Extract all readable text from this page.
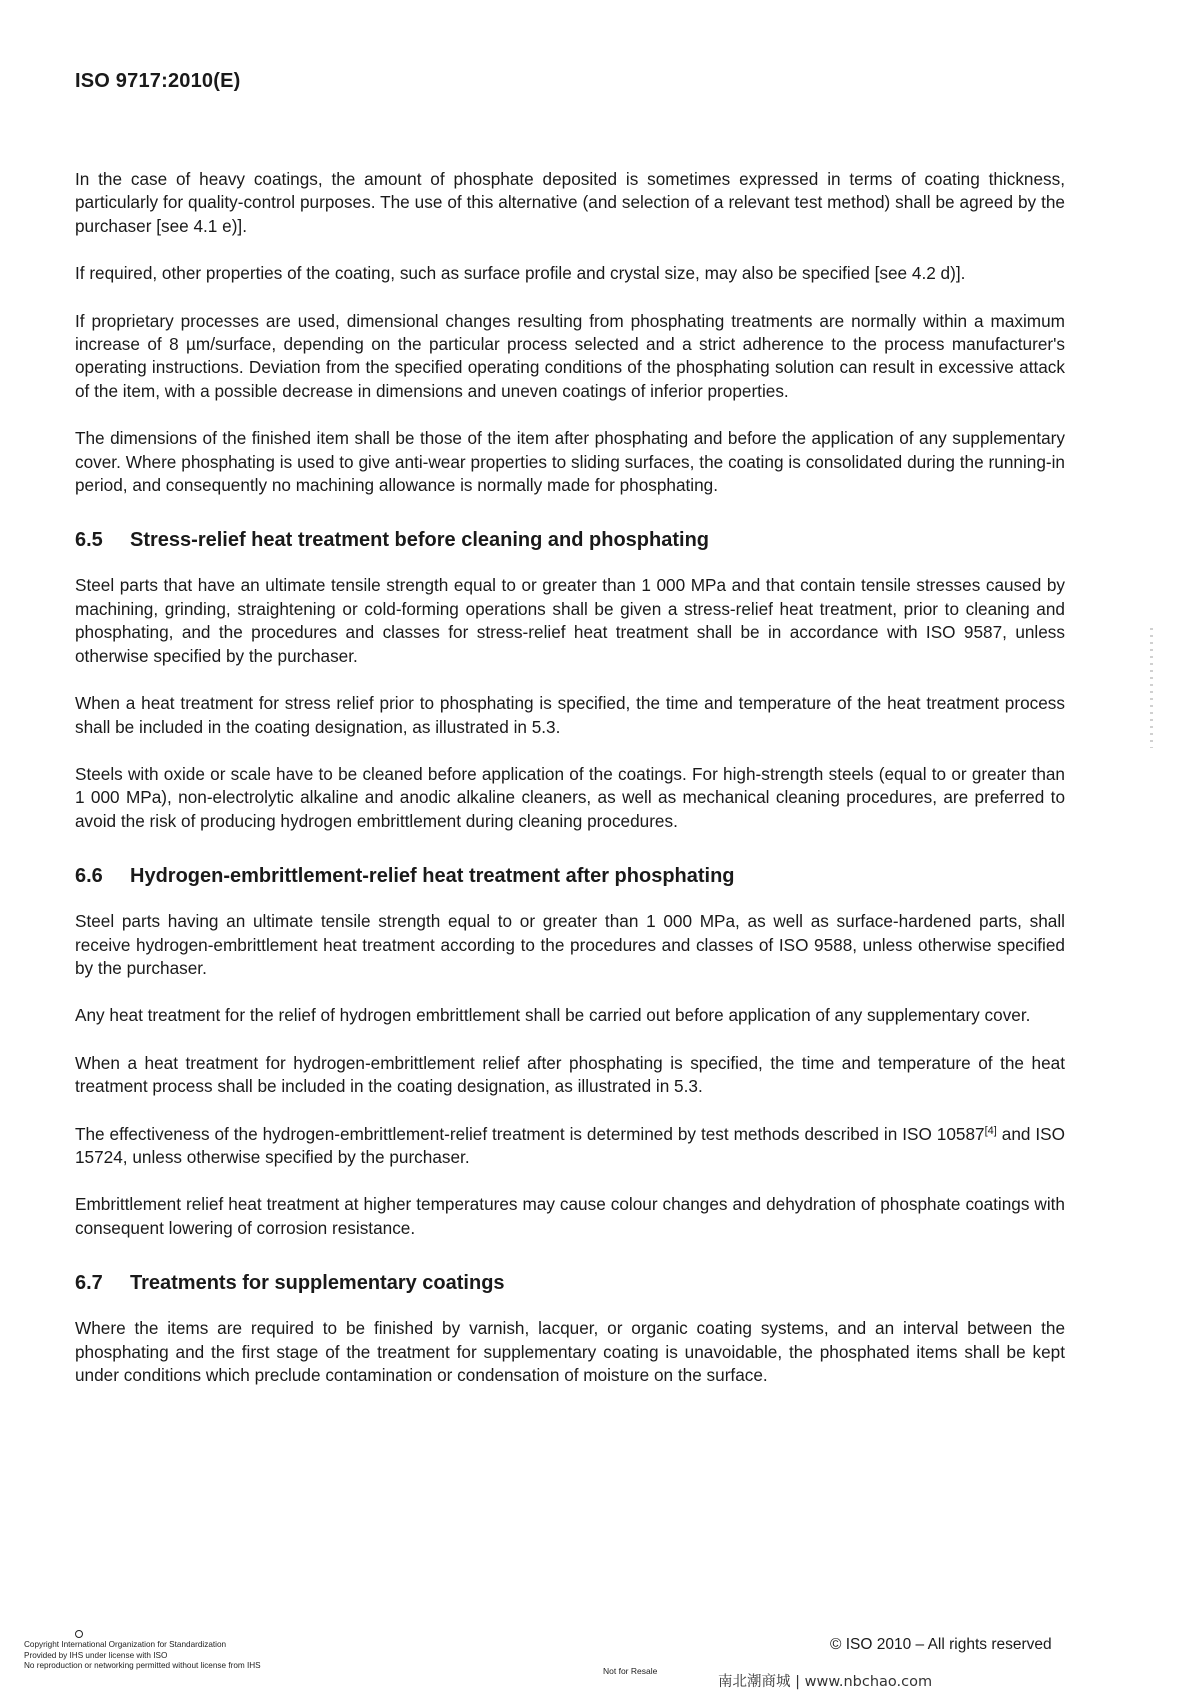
ISO 9717:2010(E)

In the case of heavy coatings, the amount of phosphate deposited is sometimes expressed in terms of coating thickness, particularly for quality-control purposes. The use of this alternative (and selection of a relevant test method) shall be agreed by the purchaser [see 4.1 e)].

If required, other properties of the coating, such as surface profile and crystal size, may also be specified [see 4.2 d)].

If proprietary processes are used, dimensional changes resulting from phosphating treatments are normally within a maximum increase of 8 µm/surface, depending on the particular process selected and a strict adherence to the process manufacturer's operating instructions. Deviation from the specified operating conditions of the phosphating solution can result in excessive attack of the item, with a possible decrease in dimensions and uneven coatings of inferior properties.

The dimensions of the finished item shall be those of the item after phosphating and before the application of any supplementary cover. Where phosphating is used to give anti-wear properties to sliding surfaces, the coating is consolidated during the running-in period, and consequently no machining allowance is normally made for phosphating.

6.5	Stress-relief heat treatment before cleaning and phosphating

Steel parts that have an ultimate tensile strength equal to or greater than 1 000 MPa and that contain tensile stresses caused by machining, grinding, straightening or cold-forming operations shall be given a stress-relief heat treatment, prior to cleaning and phosphating, and the procedures and classes for stress-relief heat treatment shall be in accordance with ISO 9587, unless otherwise specified by the purchaser.

When a heat treatment for stress relief prior to phosphating is specified, the time and temperature of the heat treatment process shall be included in the coating designation, as illustrated in 5.3.

Steels with oxide or scale have to be cleaned before application of the coatings. For high-strength steels (equal to or greater than 1 000 MPa), non-electrolytic alkaline and anodic alkaline cleaners, as well as mechanical cleaning procedures, are preferred to avoid the risk of producing hydrogen embrittlement during cleaning procedures.

6.6	Hydrogen-embrittlement-relief heat treatment after phosphating

Steel parts having an ultimate tensile strength equal to or greater than 1 000 MPa, as well as surface-hardened parts, shall receive hydrogen-embrittlement heat treatment according to the procedures and classes of ISO 9588, unless otherwise specified by the purchaser.

Any heat treatment for the relief of hydrogen embrittlement shall be carried out before application of any supplementary cover.

When a heat treatment for hydrogen-embrittlement relief after phosphating is specified, the time and temperature of the heat treatment process shall be included in the coating designation, as illustrated in 5.3.

The effectiveness of the hydrogen-embrittlement-relief treatment is determined by test methods described in ISO 10587[4] and ISO 15724, unless otherwise specified by the purchaser.

Embrittlement relief heat treatment at higher temperatures may cause colour changes and dehydration of phosphate coatings with consequent lowering of corrosion resistance.

6.7	Treatments for supplementary coatings

Where the items are required to be finished by varnish, lacquer, or organic coating systems, and an interval between the phosphating and the first stage of the treatment for supplementary coating is unavoidable, the phosphated items shall be kept under conditions which preclude contamination or condensation of moisture on the surface.

Copyright International Organization for Standardization
Provided by IHS under license with ISO
No reproduction or networking permitted without license from IHS
Not for Resale
© ISO 2010 – All rights reserved
南北潮商城 | www.nbchao.com
